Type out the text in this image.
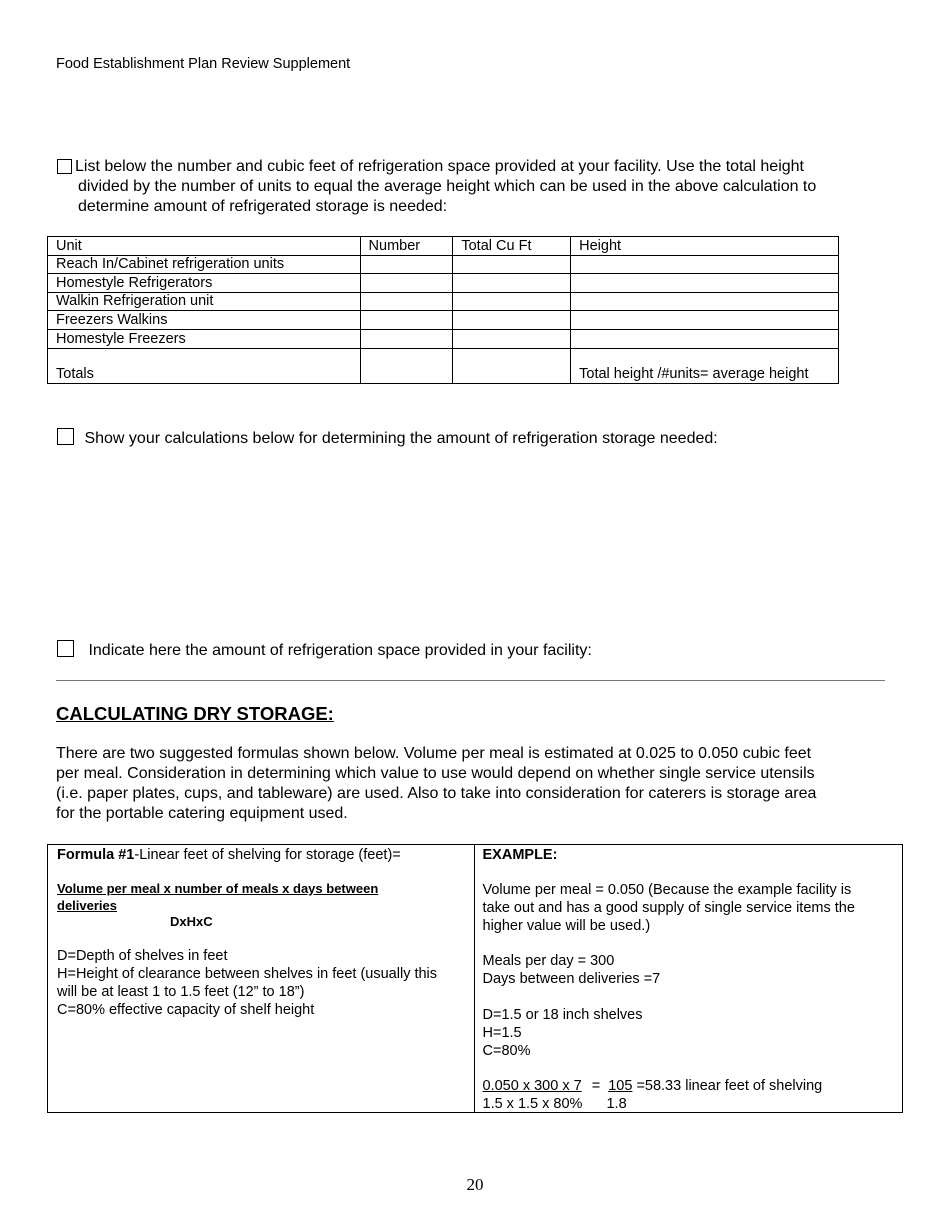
Food Establishment Plan Review Supplement
List below the number and cubic feet of refrigeration space provided at your facility. Use the total height
divided by the number of units to equal the average height which can be used in the above calculation to
determine amount of refrigerated storage is needed:
Unit	Number	Total Cu Ft	Height
Reach In/Cabinet refrigeration units			
Homestyle Refrigerators			
Walkin Refrigeration unit			
Freezers Walkins			
Homestyle Freezers			
Totals			Total height /#units= average height
Show your calculations below for determining the amount of refrigeration storage needed:
Indicate here the amount of refrigeration space provided in your facility:
CALCULATING DRY STORAGE:
There are two suggested formulas shown below. Volume per meal is estimated at 0.025 to 0.050 cubic feet
per meal. Consideration in determining which value to use would depend on whether single service utensils
(i.e. paper plates, cups, and tableware) are used. Also to take into consideration for caterers is storage area
for the portable catering equipment used.
Formula #1-Linear feet of shelving for storage (feet)=
Volume per meal x number of meals x days between
deliveries
DxHxC
D=Depth of shelves in feet
H=Height of clearance between shelves in feet (usually this
will be at least 1 to 1.5 feet (12” to 18”)
C=80% effective capacity of shelf height

EXAMPLE:
Volume per meal = 0.050 (Because the example facility is
take out and has a good supply of single service items the
higher value will be used.)
Meals per day = 300
Days between deliveries =7
D=1.5 or 18 inch shelves
H=1.5
C=80%
0.050 x 300 x 7 = 105 =58.33 linear feet of shelving
1.5 x 1.5 x 80% 1.8
20
